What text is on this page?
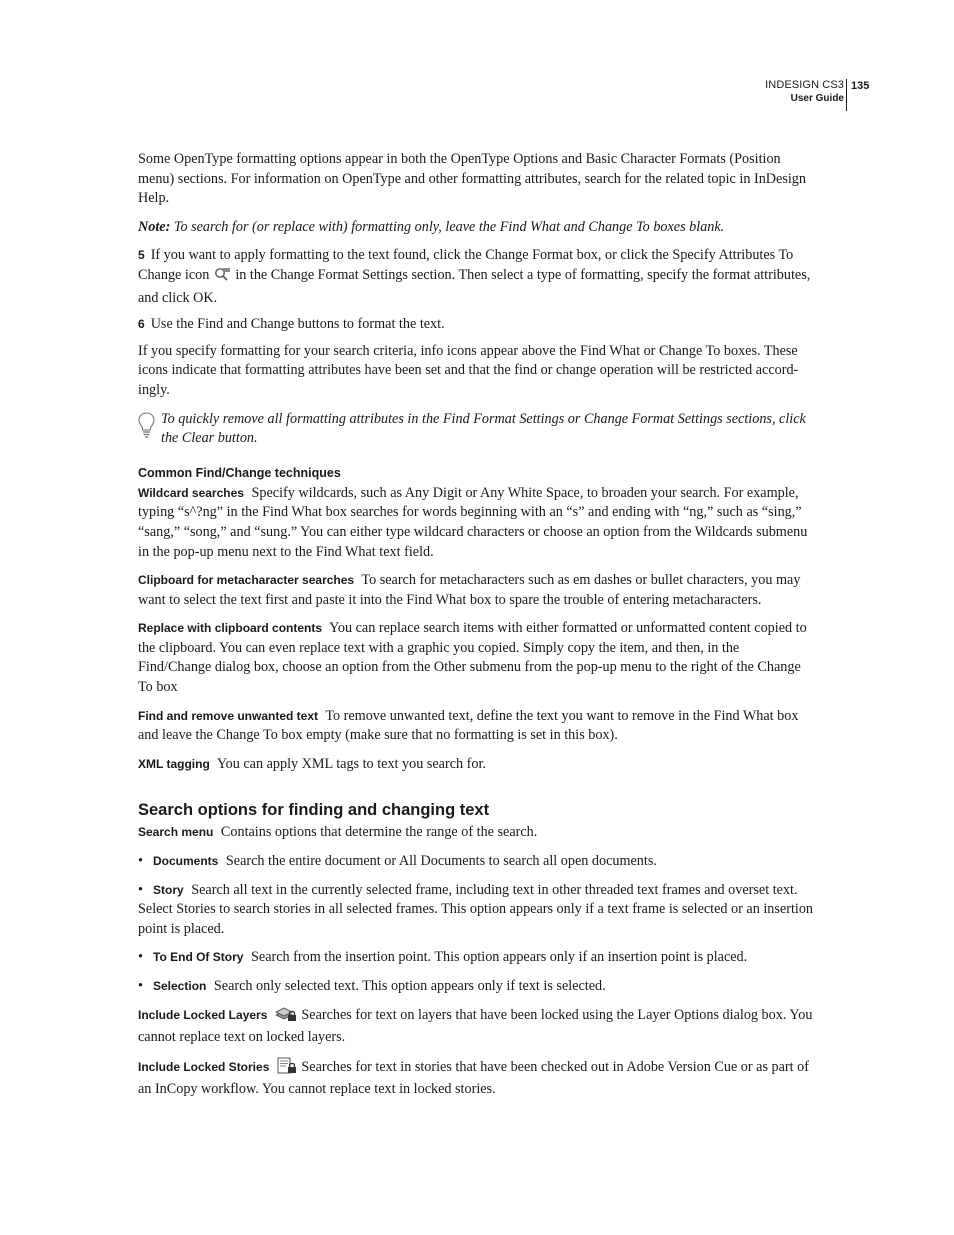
INDESIGN CS3
User Guide
135

Some OpenType formatting options appear in both the OpenType Options and Basic Character Formats (Position menu) sections. For information on OpenType and other formatting attributes, search for the related topic in InDesign Help.

Note: To search for (or replace with) formatting only, leave the Find What and Change To boxes blank.

5 If you want to apply formatting to the text found, click the Change Format box, or click the Specify Attributes To Change icon in the Change Format Settings section. Then select a type of formatting, specify the format attributes, and click OK.

6 Use the Find and Change buttons to format the text.

If you specify formatting for your search criteria, info icons appear above the Find What or Change To boxes. These icons indicate that formatting attributes have been set and that the find or change operation will be restricted accord-ingly.

To quickly remove all formatting attributes in the Find Format Settings or Change Format Settings sections, click the Clear button.
Common Find/Change techniques

Wildcard searches Specify wildcards, such as Any Digit or Any White Space, to broaden your search. For example, typing “s^?ng” in the Find What box searches for words beginning with an “s” and ending with “ng,” such as “sing,” “sang,” “song,” and “sung.” You can either type wildcard characters or choose an option from the Wildcards submenu in the pop-up menu next to the Find What text field.

Clipboard for metacharacter searches To search for metacharacters such as em dashes or bullet characters, you may want to select the text first and paste it into the Find What box to spare the trouble of entering metacharacters.

Replace with clipboard contents You can replace search items with either formatted or unformatted content copied to the clipboard. You can even replace text with a graphic you copied. Simply copy the item, and then, in the Find/Change dialog box, choose an option from the Other submenu from the pop-up menu to the right of the Change To box

Find and remove unwanted text To remove unwanted text, define the text you want to remove in the Find What box and leave the Change To box empty (make sure that no formatting is set in this box).

XML tagging You can apply XML tags to text you search for.

Search options for finding and changing text

Search menu Contains options that determine the range of the search.

• Documents Search the entire document or All Documents to search all open documents.

• Story Search all text in the currently selected frame, including text in other threaded text frames and overset text. Select Stories to search stories in all selected frames. This option appears only if a text frame is selected or an insertion point is placed.

• To End Of Story Search from the insertion point. This option appears only if an insertion point is placed.

• Selection Search only selected text. This option appears only if text is selected.

Include Locked Layers Searches for text on layers that have been locked using the Layer Options dialog box. You cannot replace text on locked layers.

Include Locked Stories Searches for text in stories that have been checked out in Adobe Version Cue or as part of an InCopy workflow. You cannot replace text in locked stories.
